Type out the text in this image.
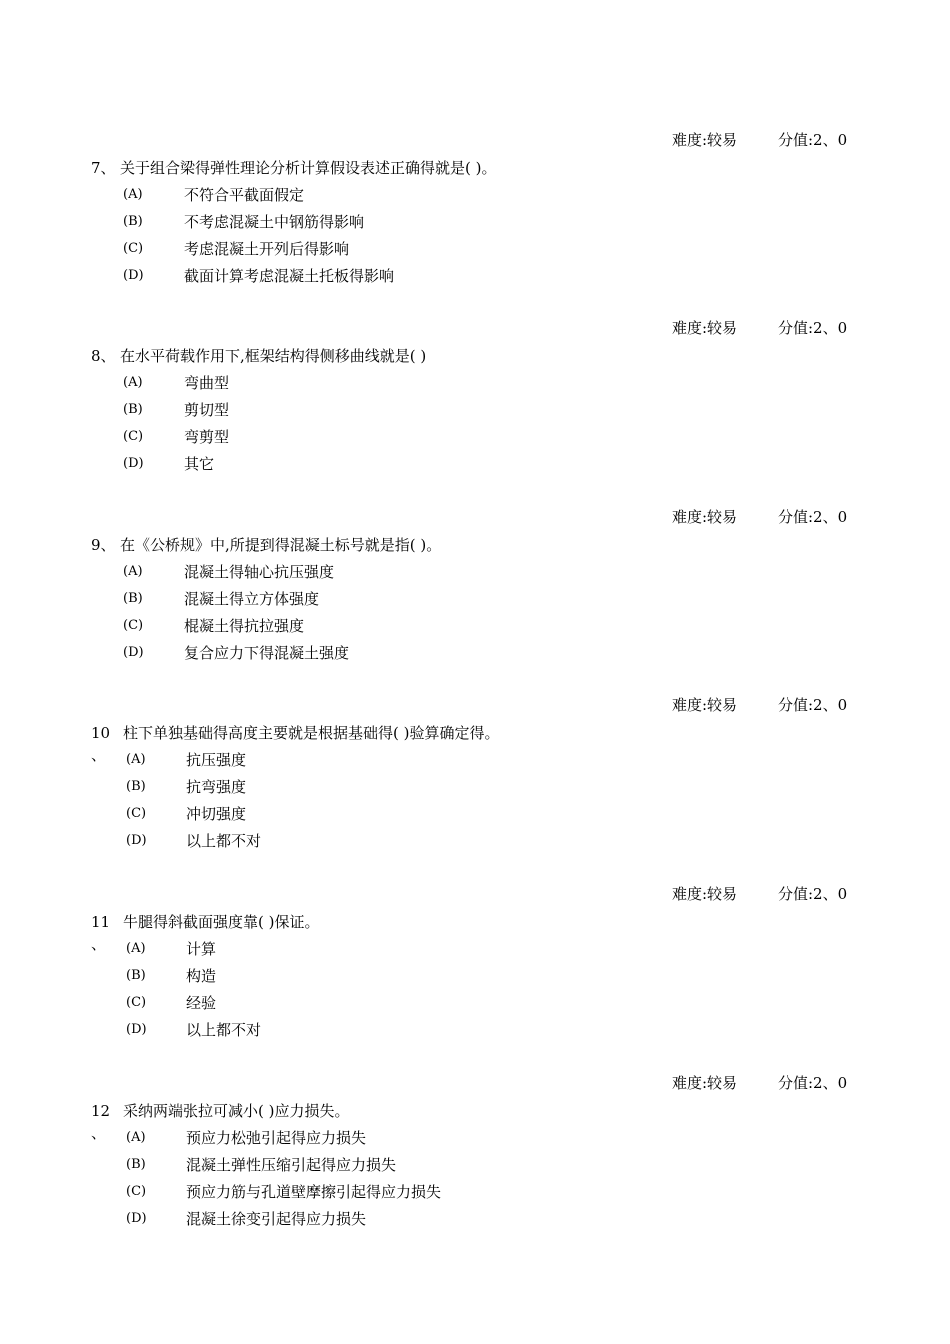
难度:较易	分值:2、0
7、 关于组合梁得弹性理论分析计算假设表述正确得就是( )。
(A)	不符合平截面假定
(B)	不考虑混凝土中钢筋得影响
(C)	考虑混凝土开列后得影响
(D)	截面计算考虑混凝土托板得影响
难度:较易	分值:2、0
8、 在水平荷载作用下,框架结构得侧移曲线就是( )
(A)	弯曲型
(B)	剪切型
(C)	弯剪型
(D)	其它
难度:较易	分值:2、0
9、 在《公桥规》中,所提到得混凝土标号就是指( )。
(A)	混凝土得轴心抗压强度
(B)	混凝土得立方体强度
(C)	棍凝土得抗拉强度
(D)	复合应力下得混凝土强度
难度:较易	分值:2、0
10
、
柱下单独基础得高度主要就是根据基础得( )验算确定得。
(A)	抗压强度
(B)	抗弯强度
(C)	冲切强度
(D)	以上都不对
难度:较易	分值:2、0
11
、
牛腿得斜截面强度靠( )保证。
(A)	计算
(B)	构造
(C)	经验
(D)	以上都不对
难度:较易	分值:2、0
12
、
采纳两端张拉可减小( )应力损失。
(A)	预应力松弛引起得应力损失
(B)	混凝土弹性压缩引起得应力损失
(C)	预应力筋与孔道壁摩擦引起得应力损失
(D)	混凝土徐变引起得应力损失
